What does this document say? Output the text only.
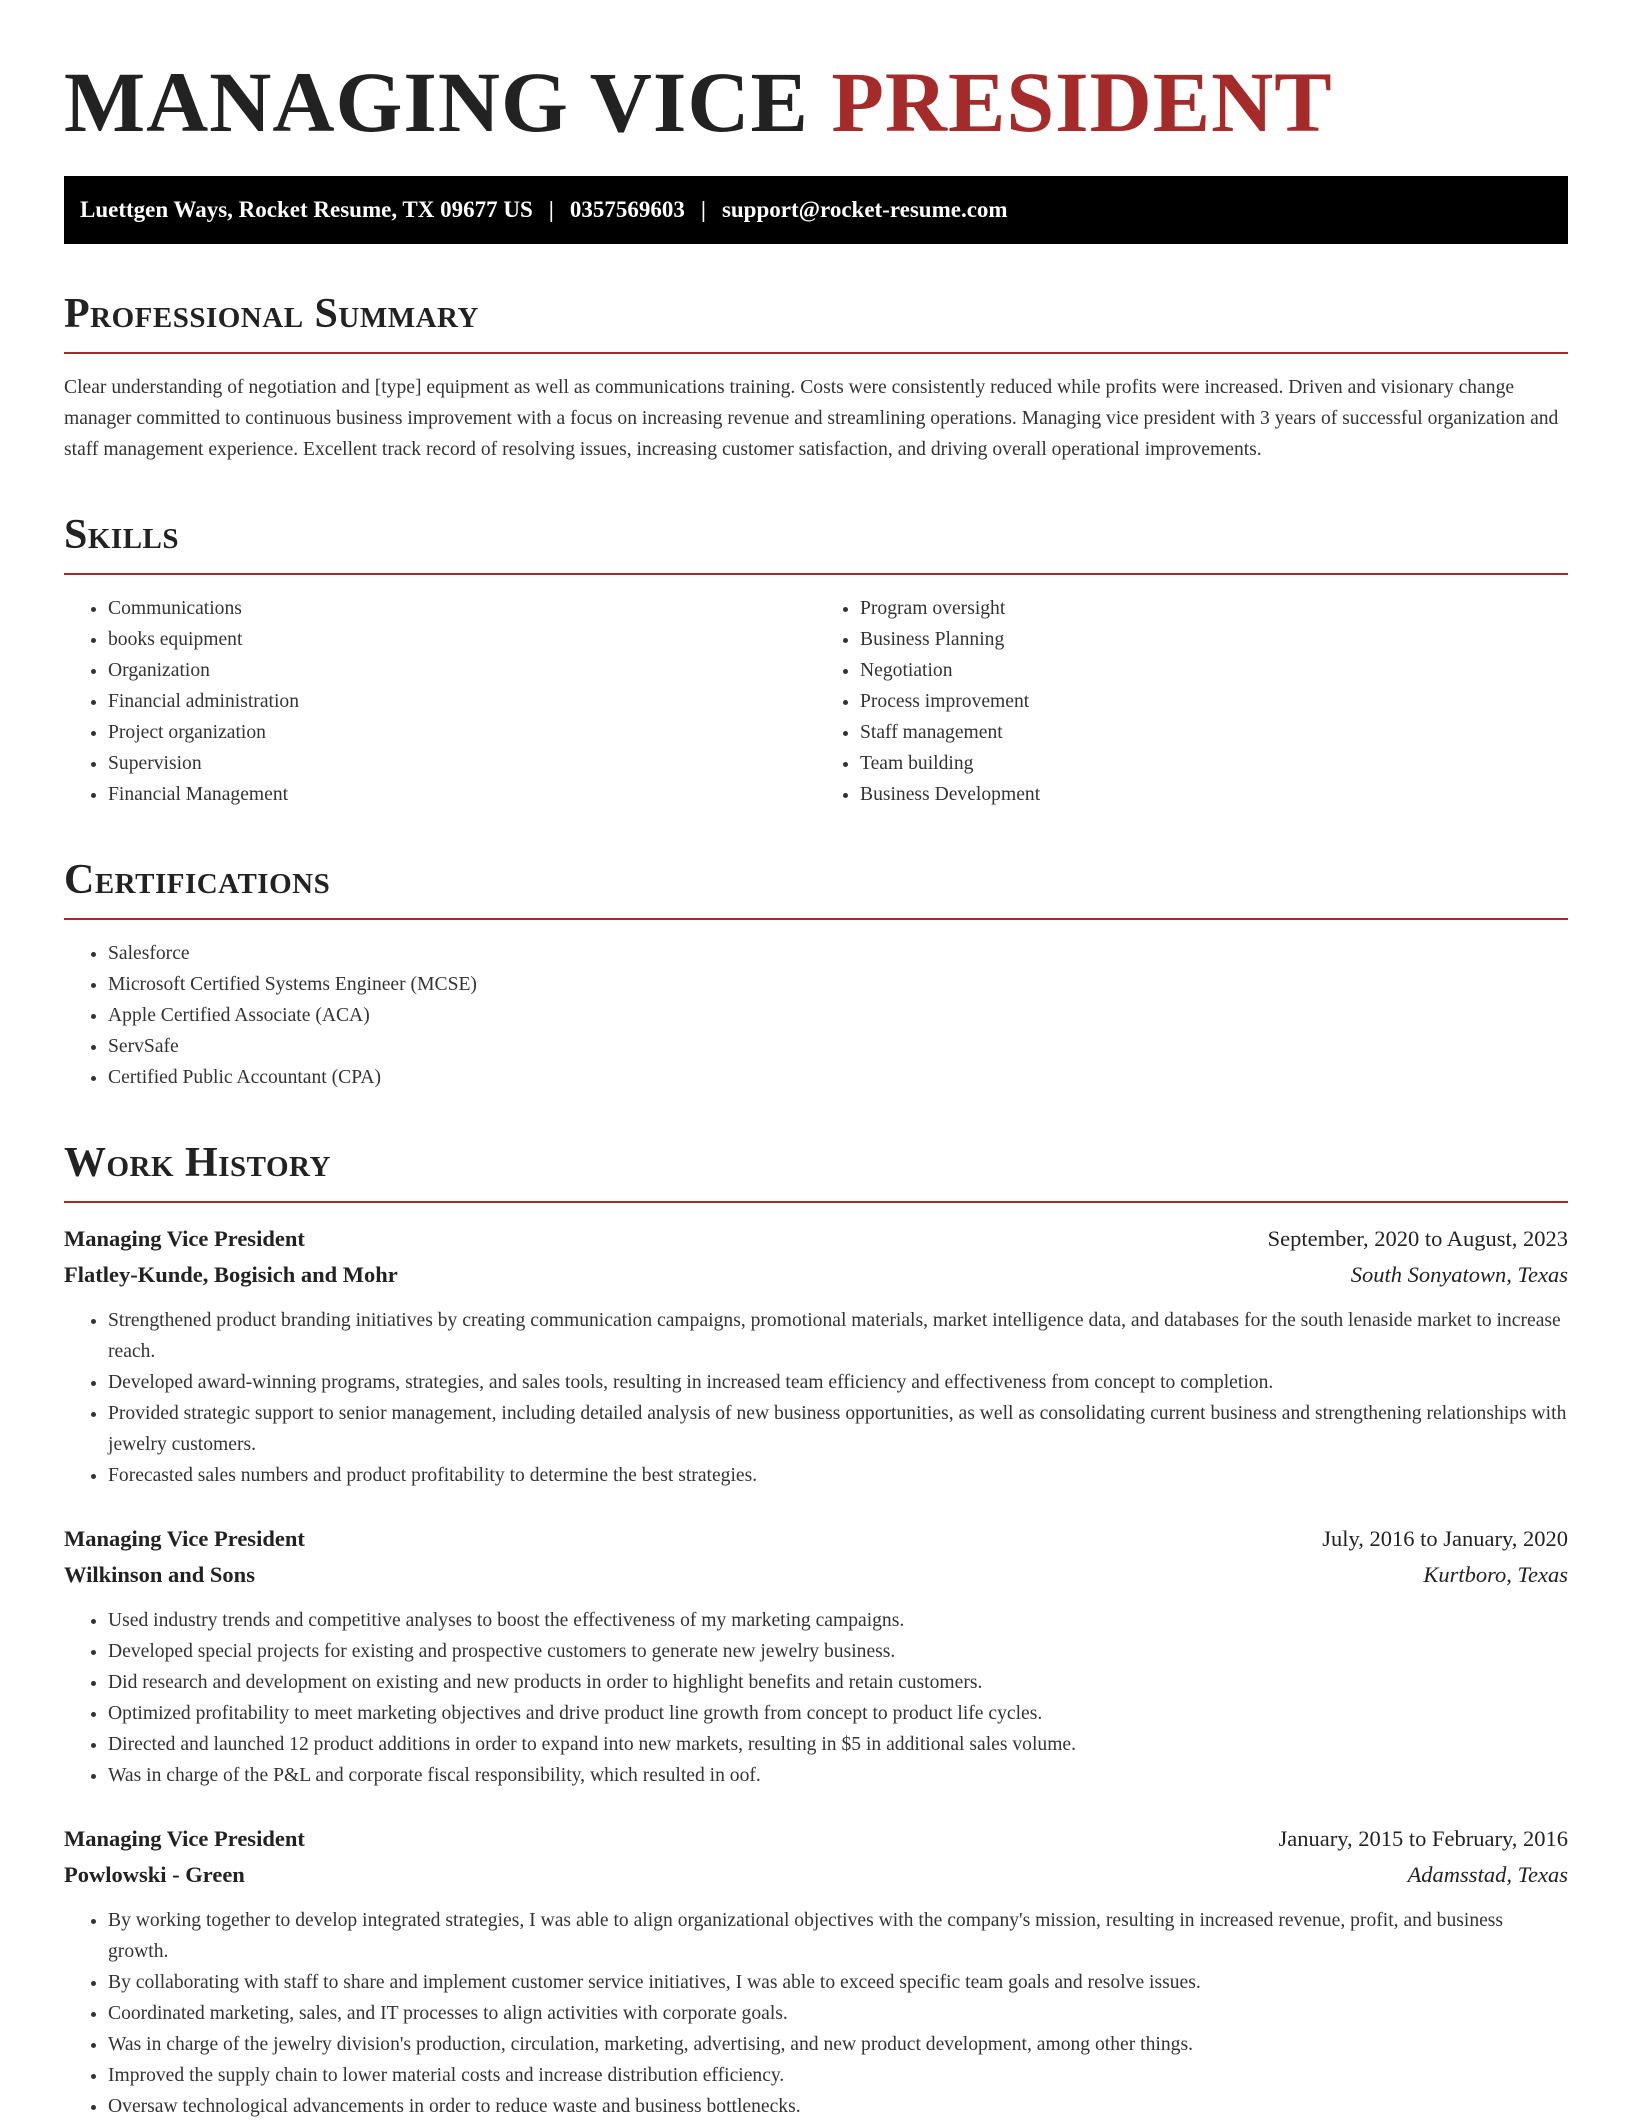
MANAGING VICE PRESIDENT
Luettgen Ways, Rocket Resume, TX 09677 US | 0357569603 | support@rocket-resume.com
Professional Summary

Clear understanding of negotiation and [type] equipment as well as communications training. Costs were consistently reduced while profits were increased. Driven and visionary change manager committed to continuous business improvement with a focus on increasing revenue and streamlining operations. Managing vice president with 3 years of successful organization and staff management experience. Excellent track record of resolving issues, increasing customer satisfaction, and driving overall operational improvements.

Skills
• Communications
• books equipment
• Organization
• Financial administration
• Project organization
• Supervision
• Financial Management
• Program oversight
• Business Planning
• Negotiation
• Process improvement
• Staff management
• Team building
• Business Development
Certifications
• Salesforce
• Microsoft Certified Systems Engineer (MCSE)
• Apple Certified Associate (ACA)
• ServSafe
• Certified Public Accountant (CPA)
Work History
Managing Vice President	September, 2020 to August, 2023
Flatley-Kunde, Bogisich and Mohr	South Sonyatown, Texas
• Strengthened product branding initiatives by creating communication campaigns, promotional materials, market intelligence data, and databases for the south lenaside market to increase reach.
• Developed award-winning programs, strategies, and sales tools, resulting in increased team efficiency and effectiveness from concept to completion.
• Provided strategic support to senior management, including detailed analysis of new business opportunities, as well as consolidating current business and strengthening relationships with jewelry customers.
• Forecasted sales numbers and product profitability to determine the best strategies.
Managing Vice President	July, 2016 to January, 2020
Wilkinson and Sons	Kurtboro, Texas
• Used industry trends and competitive analyses to boost the effectiveness of my marketing campaigns.
• Developed special projects for existing and prospective customers to generate new jewelry business.
• Did research and development on existing and new products in order to highlight benefits and retain customers.
• Optimized profitability to meet marketing objectives and drive product line growth from concept to product life cycles.
• Directed and launched 12 product additions in order to expand into new markets, resulting in $5 in additional sales volume.
• Was in charge of the P&L and corporate fiscal responsibility, which resulted in oof.
Managing Vice President	January, 2015 to February, 2016
Powlowski - Green	Adamsstad, Texas
• By working together to develop integrated strategies, I was able to align organizational objectives with the company's mission, resulting in increased revenue, profit, and business growth.
• By collaborating with staff to share and implement customer service initiatives, I was able to exceed specific team goals and resolve issues.
• Coordinated marketing, sales, and IT processes to align activities with corporate goals.
• Was in charge of the jewelry division's production, circulation, marketing, advertising, and new product development, among other things.
• Improved the supply chain to lower material costs and increase distribution efficiency.
• Oversaw technological advancements in order to reduce waste and business bottlenecks.
